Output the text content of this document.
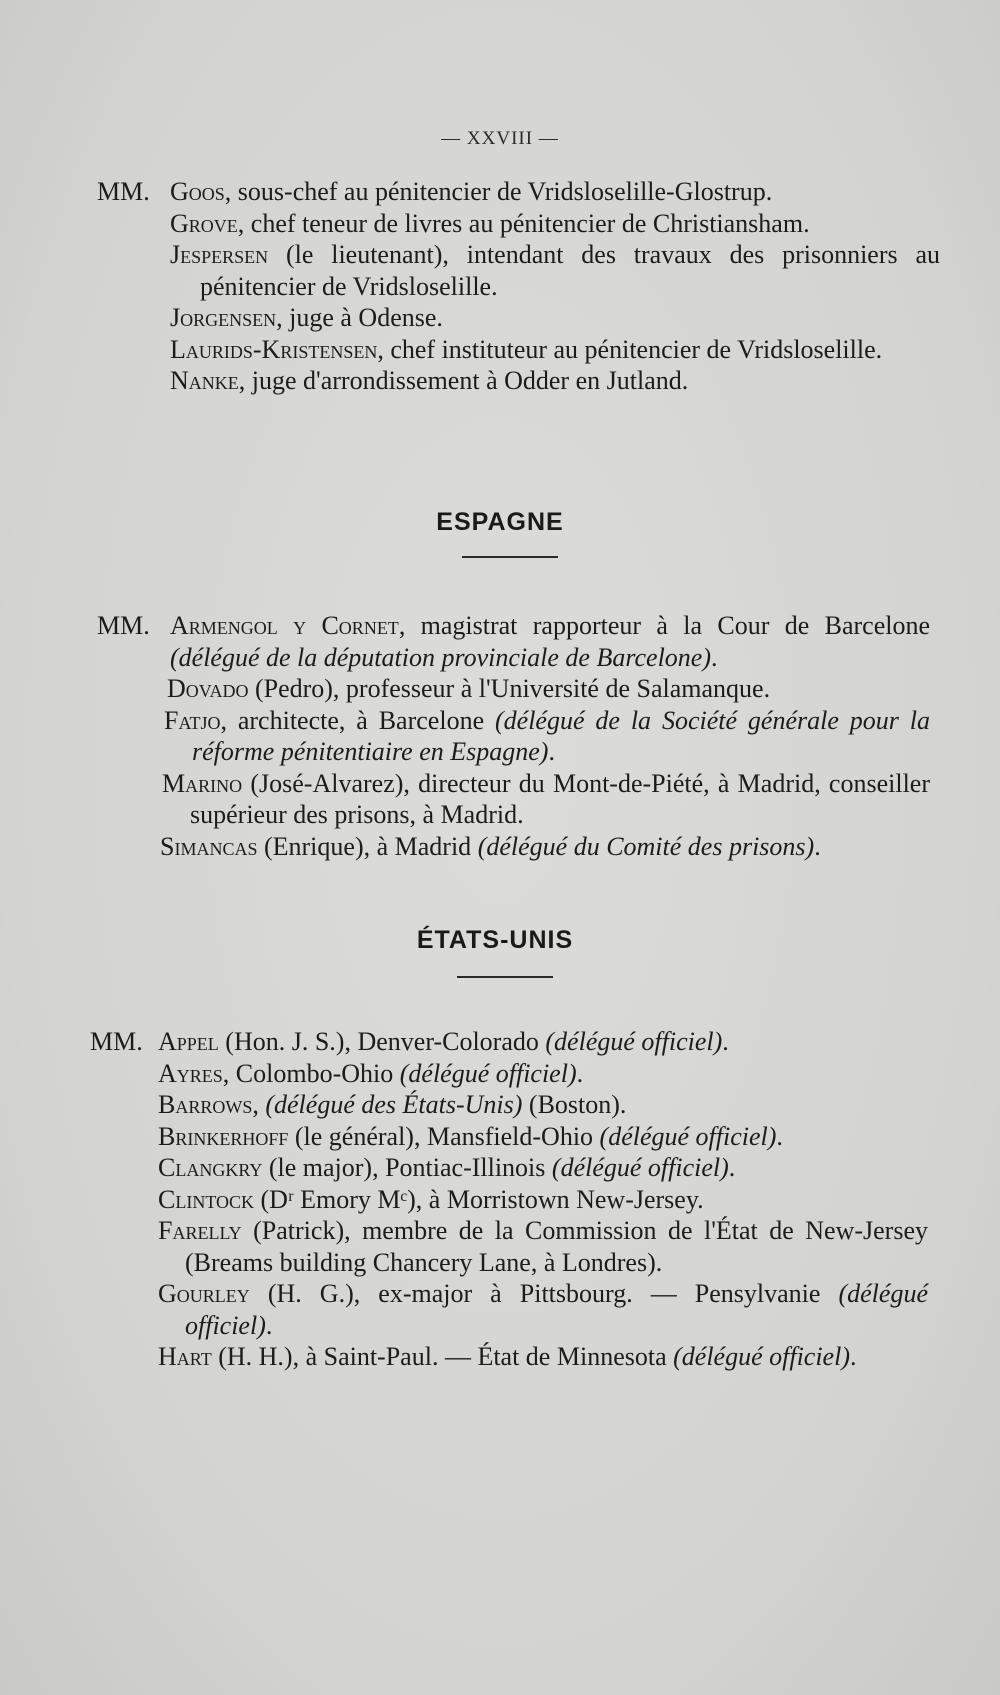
— XXVIII —
MM. Goos, sous-chef au pénitencier de Vridsloselille-Glostrup.
Grove, chef teneur de livres au pénitencier de Christiansham.
Jespersen (le lieutenant), intendant des travaux des prisonniers au pénitencier de Vridsloselille.
Jorgensen, juge à Odense.
Laurids-Kristensen, chef instituteur au pénitencier de Vridsloselille.
Nanke, juge d'arrondissement à Odder en Jutland.
ESPAGNE
MM. Armengol y Cornet, magistrat rapporteur à la Cour de Barcelone (délégué de la députation provinciale de Barcelone).
Dovado (Pedro), professeur à l'Université de Salamanque.
Fatjo, architecte, à Barcelone (délégué de la Société générale pour la réforme pénitentiaire en Espagne).
Marino (José-Alvarez), directeur du Mont-de-Piété, à Madrid, conseiller supérieur des prisons, à Madrid.
Simancas (Enrique), à Madrid (délégué du Comité des prisons).
ÉTATS-UNIS
MM. Appel (Hon. J. S.), Denver-Colorado (délégué officiel).
Ayres, Colombo-Ohio (délégué officiel).
Barrows, (délégué des États-Unis) (Boston).
Brinkerhoff (le général), Mansfield-Ohio (délégué officiel).
Clangkry (le major), Pontiac-Illinois (délégué officiel).
Clintock (Dʳ Emory Mᶜ), à Morristown New-Jersey.
Farelly (Patrick), membre de la Commission de l'État de New-Jersey (Breams building Chancery Lane, à Londres).
Gourley (H. G.), ex-major à Pittsbourg. — Pensylvanie (délégué officiel).
Hart (H. H.), à Saint-Paul. — État de Minnesota (délégué officiel).
